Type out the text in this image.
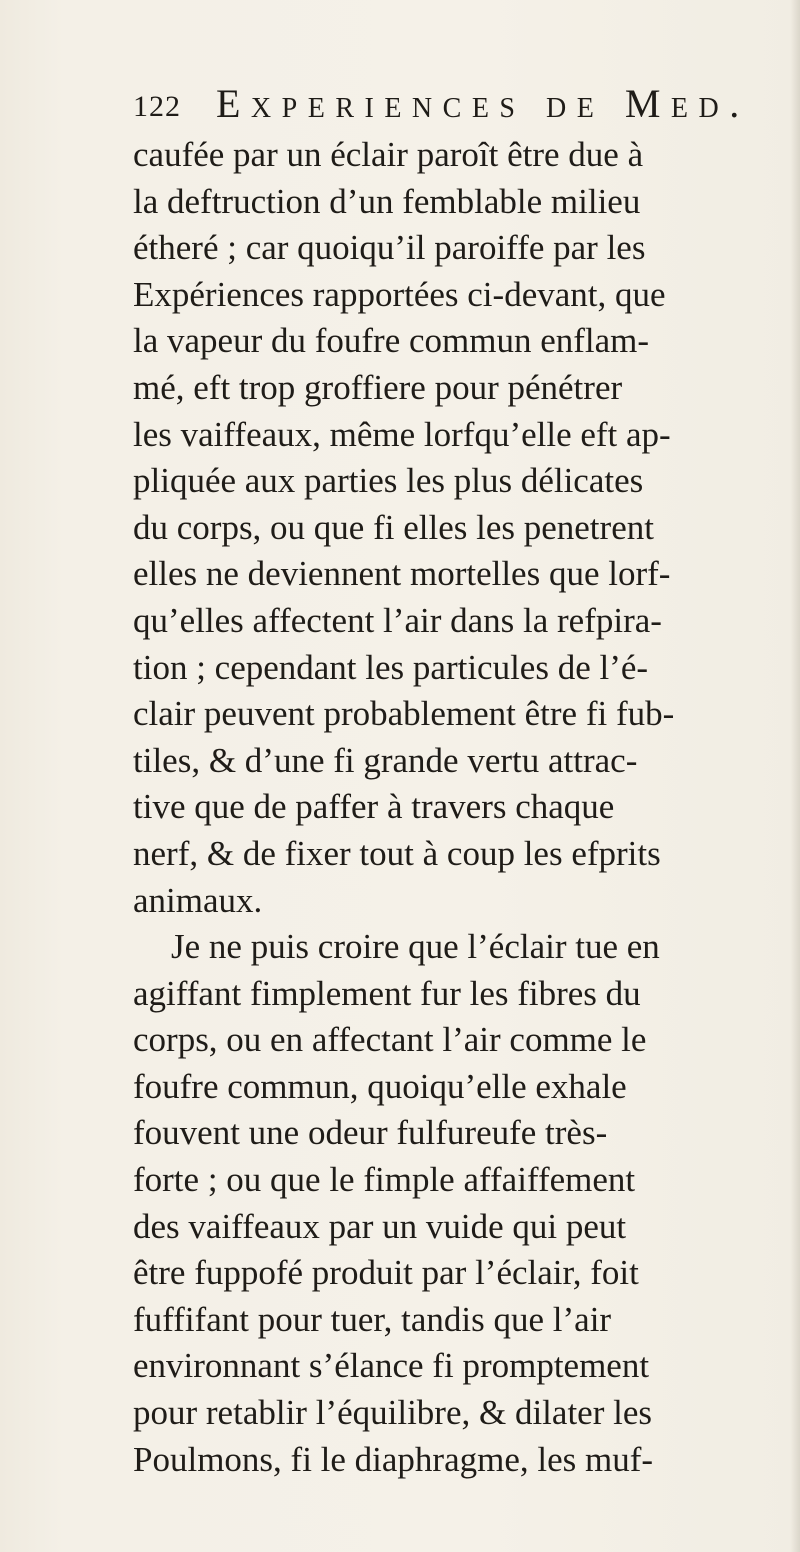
122 Experiences de Med.
caufée par un éclair paroît être due à
la deftruction d’un femblable milieu
étheré ; car quoiqu’il paroiffe par les
Expériences rapportées ci-devant, que
la vapeur du foufre commun enflam-
mé, eft trop groffiere pour pénétrer
les vaiffeaux, même lorfqu’elle eft ap-
pliquée aux parties les plus délicates
du corps, ou que fi elles les penetrent
elles ne deviennent mortelles que lorf-
qu’elles affectent l’air dans la refpira-
tion ; cependant les particules de l’é-
clair peuvent probablement être fi fub-
tiles, & d’une fi grande vertu attrac-
tive que de paffer à travers chaque
nerf, & de fixer tout à coup les efprits
animaux.
Je ne puis croire que l’éclair tue en
agiffant fimplement fur les fibres du
corps, ou en affectant l’air comme le
foufre commun, quoiqu’elle exhale
fouvent une odeur fulfureufe très-
forte ; ou que le fimple affaiffement
des vaiffeaux par un vuide qui peut
être fuppofé produit par l’éclair, foit
fuffifant pour tuer, tandis que l’air
environnant s’élance fi promptement
pour retablir l’équilibre, & dilater les
Poulmons, fi le diaphragme, les muf-
